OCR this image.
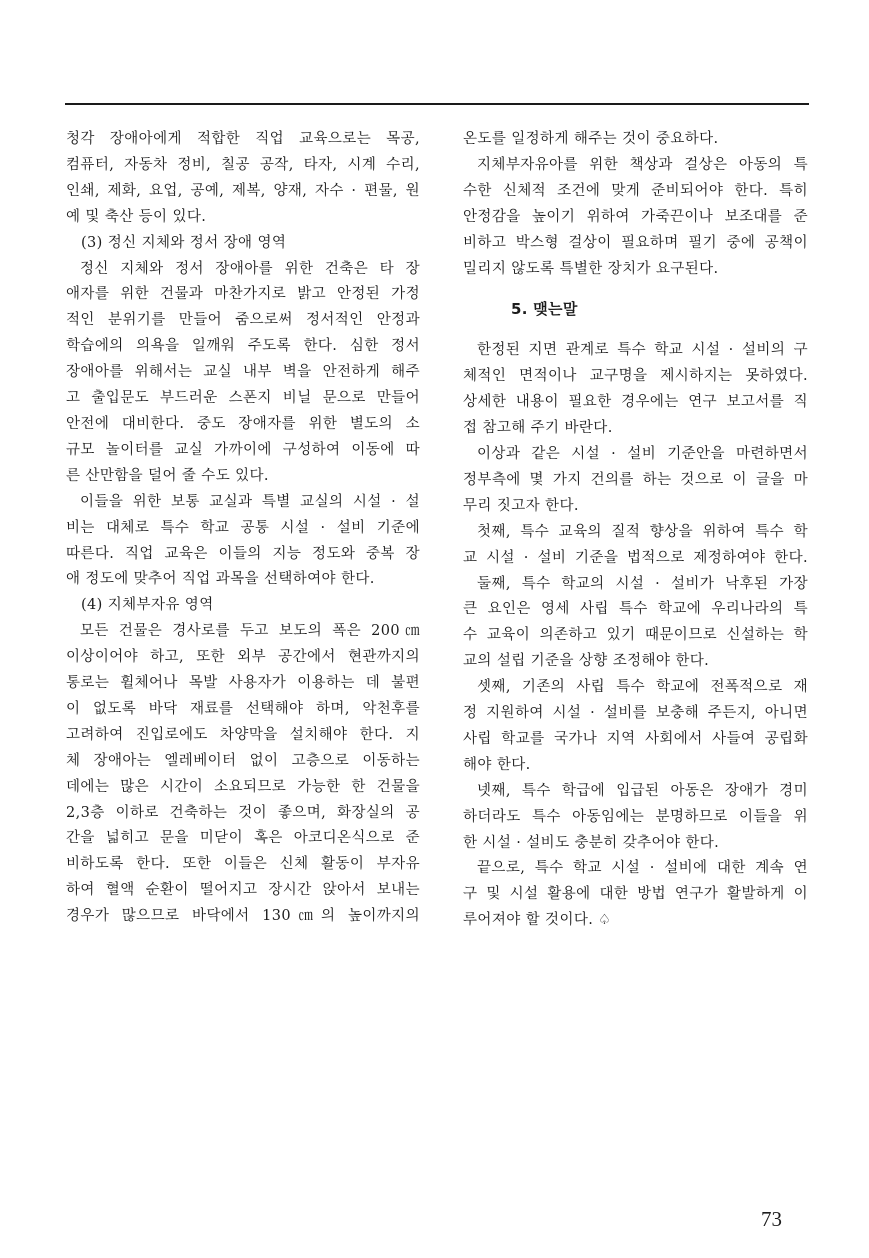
청각 장애아에게 적합한 직업 교육으로는 목공,
컴퓨터, 자동차 정비, 칠공 공작, 타자, 시계 수리,
인쇄, 제화, 요업, 공예, 제복, 양재, 자수 · 편물, 원
예 및 축산 등이 있다.
(3) 정신 지체와 정서 장애 영역
정신 지체와 정서 장애아를 위한 건축은 타 장
애자를 위한 건물과 마찬가지로 밝고 안정된 가정
적인 분위기를 만들어 줌으로써 정서적인 안정과
학습에의 의욕을 일깨워 주도록 한다. 심한 정서
장애아를 위해서는 교실 내부 벽을 안전하게 해주
고 출입문도 부드러운 스폰지 비닐 문으로 만들어
안전에 대비한다. 중도 장애자를 위한 별도의 소
규모 놀이터를 교실 가까이에 구성하여 이동에 따
른 산만함을 덜어 줄 수도 있다.
이들을 위한 보통 교실과 특별 교실의 시설 · 설
비는 대체로 특수 학교 공통 시설 · 설비 기준에
따른다. 직업 교육은 이들의 지능 정도와 중복 장
애 정도에 맞추어 직업 과목을 선택하여야 한다.
(4) 지체부자유 영역
모든 건물은 경사로를 두고 보도의 폭은 200㎝
이상이어야 하고, 또한 외부 공간에서 현관까지의
통로는 휠체어나 목발 사용자가 이용하는 데 불편
이 없도록 바닥 재료를 선택해야 하며, 악천후를
고려하여 진입로에도 차양막을 설치해야 한다. 지
체 장애아는 엘레베이터 없이 고층으로 이동하는
데에는 많은 시간이 소요되므로 가능한 한 건물을
2,3층 이하로 건축하는 것이 좋으며, 화장실의 공
간을 넓히고 문을 미닫이 혹은 아코디온식으로 준
비하도록 한다. 또한 이들은 신체 활동이 부자유
하여 혈액 순환이 떨어지고 장시간 앉아서 보내는
경우가 많으므로 바닥에서 130㎝의 높이까지의
온도를 일정하게 해주는 것이 중요하다.
지체부자유아를 위한 책상과 걸상은 아동의 특
수한 신체적 조건에 맞게 준비되어야 한다. 특히
안정감을 높이기 위하여 가죽끈이나 보조대를 준
비하고 박스형 걸상이 필요하며 필기 중에 공책이
밀리지 않도록 특별한 장치가 요구된다.
5. 맺는말
한정된 지면 관계로 특수 학교 시설 · 설비의 구
체적인 면적이나 교구명을 제시하지는 못하였다.
상세한 내용이 필요한 경우에는 연구 보고서를 직
접 참고해 주기 바란다.
이상과 같은 시설 · 설비 기준안을 마련하면서
정부측에 몇 가지 건의를 하는 것으로 이 글을 마
무리 짓고자 한다.
첫째, 특수 교육의 질적 향상을 위하여 특수 학
교 시설 · 설비 기준을 법적으로 제정하여야 한다.
둘째, 특수 학교의 시설 · 설비가 낙후된 가장
큰 요인은 영세 사립 특수 학교에 우리나라의 특
수 교육이 의존하고 있기 때문이므로 신설하는 학
교의 설립 기준을 상향 조정해야 한다.
셋째, 기존의 사립 특수 학교에 전폭적으로 재
정 지원하여 시설 · 설비를 보충해 주든지, 아니면
사립 학교를 국가나 지역 사회에서 사들여 공립화
해야 한다.
넷째, 특수 학급에 입급된 아동은 장애가 경미
하더라도 특수 아동임에는 분명하므로 이들을 위
한 시설 · 설비도 충분히 갖추어야 한다.
끝으로, 특수 학교 시설 · 설비에 대한 계속 연
구 및 시설 활용에 대한 방법 연구가 활발하게 이
루어져야 할 것이다. ♤
73
